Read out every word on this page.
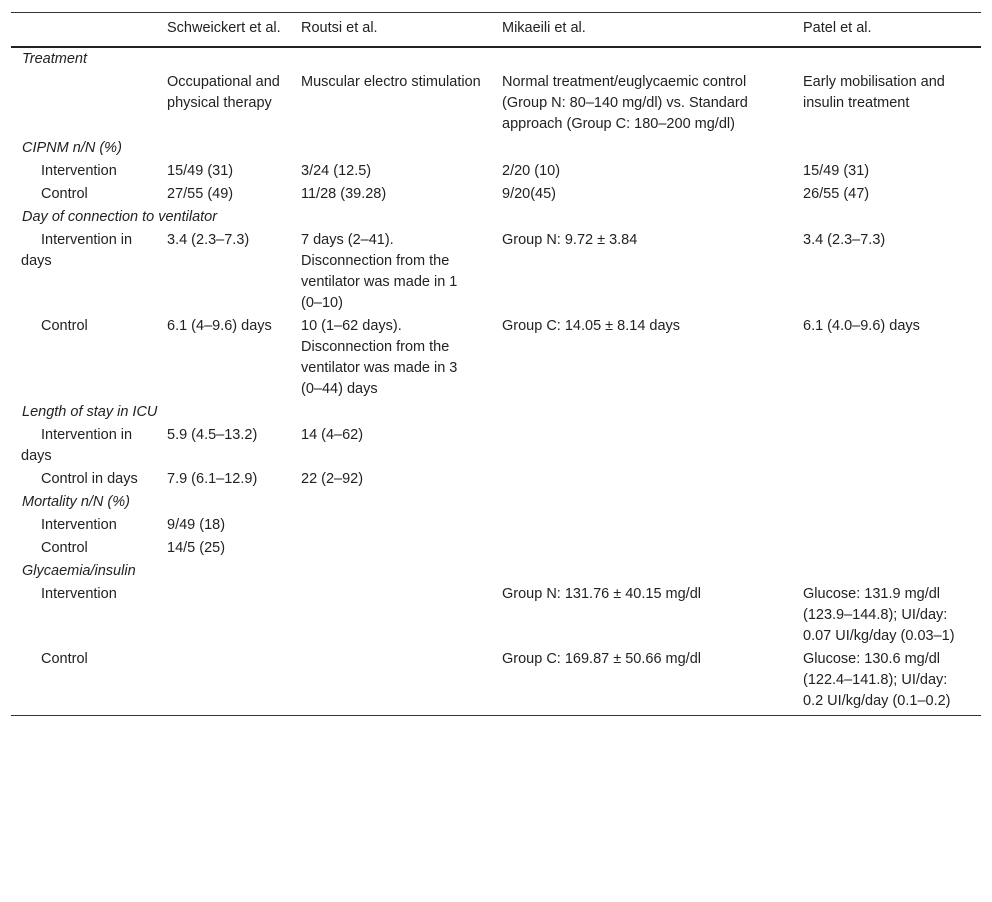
	Schweickert et al.	Routsi et al.	Mikaeili et al.	Patel et al.
Treatment				
	Occupational and physical therapy	Muscular electro stimulation	Normal treatment/euglycaemic control (Group N: 80–140 mg/dl) vs. Standard approach (Group C: 180–200 mg/dl)	Early mobilisation and insulin treatment
CIPNM n/N (%)				
Intervention	15/49 (31)	3/24 (12.5)	2/20 (10)	15/49 (31)
Control	27/55 (49)	11/28 (39.28)	9/20(45)	26/55 (47)
Day of connection to ventilator				
Intervention in days	3.4 (2.3–7.3)	7 days (2–41). Disconnection from the ventilator was made in 1 (0–10)	Group N: 9.72 ± 3.84	3.4 (2.3–7.3)
Control	6.1 (4–9.6) days	10 (1–62 days). Disconnection from the ventilator was made in 3 (0–44) days	Group C: 14.05 ± 8.14 days	6.1 (4.0–9.6) days
Length of stay in ICU				
Intervention in days	5.9 (4.5–13.2)	14 (4–62)		
Control in days	7.9 (6.1–12.9)	22 (2–92)		
Mortality n/N (%)				
Intervention	9/49 (18)			
Control	14/5 (25)			
Glycaemia/insulin				
Intervention			Group N: 131.76 ± 40.15 mg/dl	Glucose: 131.9 mg/dl (123.9–144.8); UI/day: 0.07 UI/kg/day (0.03–1)
Control			Group C: 169.87 ± 50.66 mg/dl	Glucose: 130.6 mg/dl (122.4–141.8); UI/day: 0.2 UI/kg/day (0.1–0.2)
